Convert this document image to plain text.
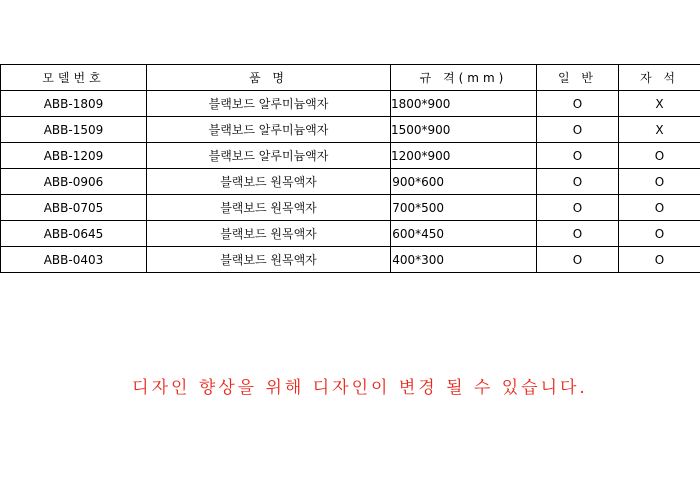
모델번호	품 명	규 격(mm)	일 반	자 석
ABB-1809	블랙보드 알루미늄액자	1800*900	O	X
ABB-1509	블랙보드 알루미늄액자	1500*900	O	X
ABB-1209	블랙보드 알루미늄액자	1200*900	O	O
ABB-0906	블랙보드 원목액자	900*600	O	O
ABB-0705	블랙보드 원목액자	700*500	O	O
ABB-0645	블랙보드 원목액자	600*450	O	O
ABB-0403	블랙보드 원목액자	400*300	O	O
디자인 향상을 위해 디자인이 변경 될 수 있습니다.
